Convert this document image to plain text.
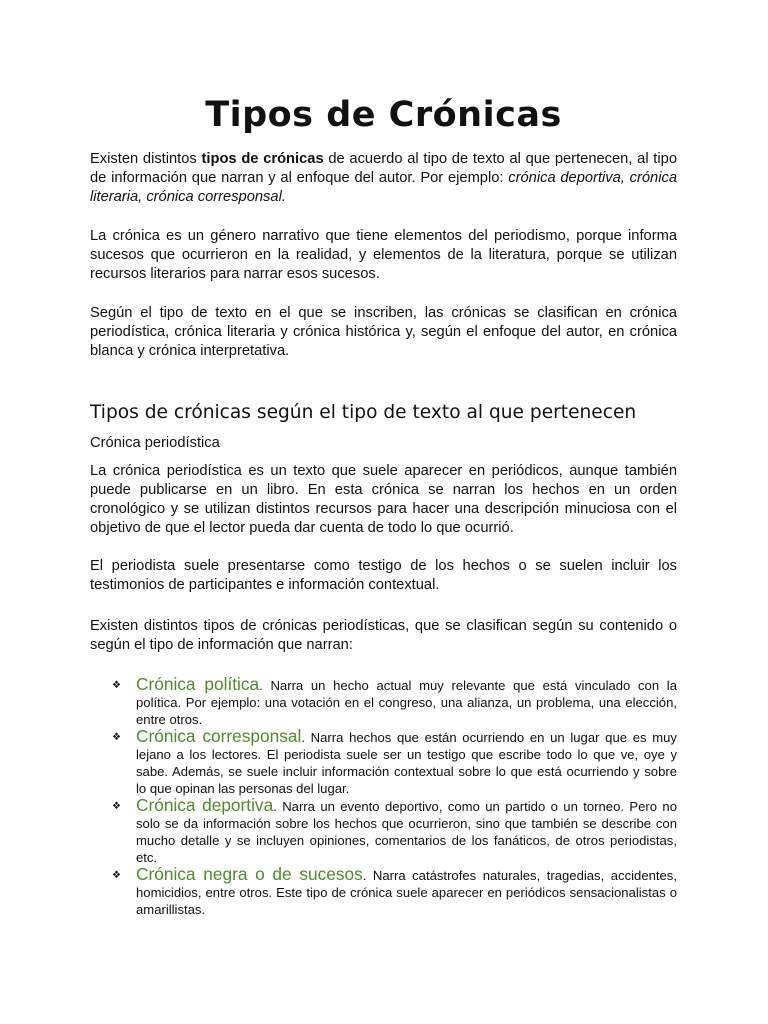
Tipos de Crónicas

Existen distintos tipos de crónicas de acuerdo al tipo de texto al que pertenecen, al tipo de información que narran y al enfoque del autor. Por ejemplo: crónica deportiva, crónica literaria, crónica corresponsal.

La crónica es un género narrativo que tiene elementos del periodismo, porque informa sucesos que ocurrieron en la realidad, y elementos de la literatura, porque se utilizan recursos literarios para narrar esos sucesos.

Según el tipo de texto en el que se inscriben, las crónicas se clasifican en crónica periodística, crónica literaria y crónica histórica y, según el enfoque del autor, en crónica blanca y crónica interpretativa.

Tipos de crónicas según el tipo de texto al que pertenecen
Crónica periodística

La crónica periodística es un texto que suele aparecer en periódicos, aunque también puede publicarse en un libro. En esta crónica se narran los hechos en un orden cronológico y se utilizan distintos recursos para hacer una descripción minuciosa con el objetivo de que el lector pueda dar cuenta de todo lo que ocurrió.

El periodista suele presentarse como testigo de los hechos o se suelen incluir los testimonios de participantes e información contextual.

Existen distintos tipos de crónicas periodísticas, que se clasifican según su contenido o según el tipo de información que narran:

❖ Crónica política. Narra un hecho actual muy relevante que está vinculado con la política. Por ejemplo: una votación en el congreso, una alianza, un problema, una elección, entre otros.
❖ Crónica corresponsal. Narra hechos que están ocurriendo en un lugar que es muy lejano a los lectores. El periodista suele ser un testigo que escribe todo lo que ve, oye y sabe. Además, se suele incluir información contextual sobre lo que está ocurriendo y sobre lo que opinan las personas del lugar.
❖ Crónica deportiva. Narra un evento deportivo, como un partido o un torneo. Pero no solo se da información sobre los hechos que ocurrieron, sino que también se describe con mucho detalle y se incluyen opiniones, comentarios de los fanáticos, de otros periodistas, etc.
❖ Crónica negra o de sucesos. Narra catástrofes naturales, tragedias, accidentes, homicidios, entre otros. Este tipo de crónica suele aparecer en periódicos sensacionalistas o amarillistas.
